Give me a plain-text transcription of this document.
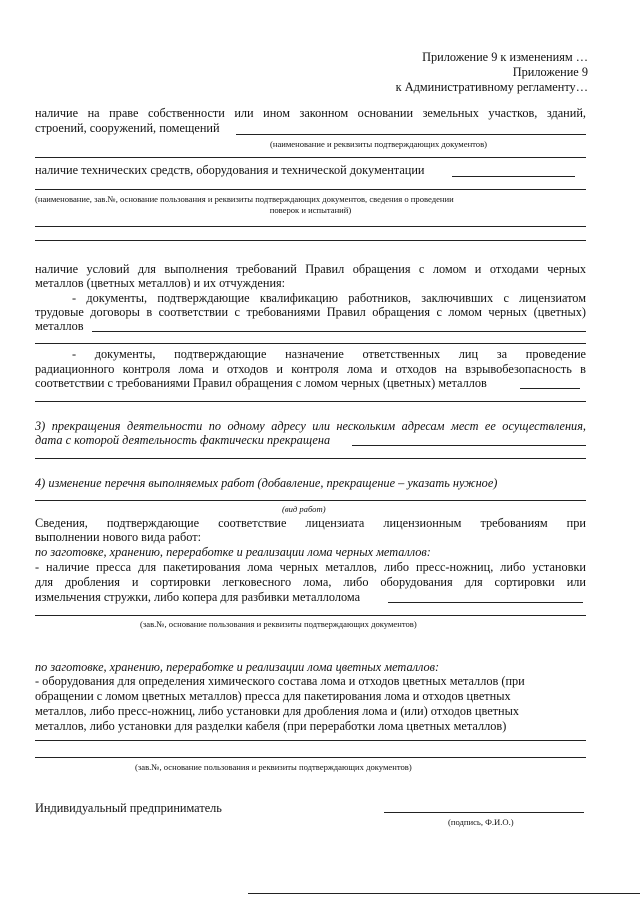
Приложение 9 к изменениям …
Приложение 9
к Административному регламенту…
наличие на праве собственности или ином законном основании земельных участков, зданий,
строений, сооружений, помещений
(наименование и реквизиты подтверждающих документов)
наличие технических средств, оборудования и технической документации
(наименование, зав.№, основание пользования и реквизиты подтверждающих документов, сведения о проведении
поверок и испытаний)
наличие условий для выполнения требований Правил обращения с ломом и отходами черных
металлов (цветных металлов) и их отчуждения:
- документы, подтверждающие квалификацию работников, заключивших с лицензиатом
трудовые договоры в соответствии с требованиями Правил обращения с ломом черных (цветных)
металлов
- документы, подтверждающие назначение ответственных лиц за проведение
радиационного контроля лома и отходов и контроля лома и отходов на взрывобезопасность в
соответствии с требованиями Правил обращения с ломом черных (цветных) металлов
3) прекращения деятельности по одному адресу или нескольким адресам мест ее осуществления,
дата с которой деятельность фактически прекращена
4) изменение перечня выполняемых работ (добавление, прекращение – указать нужное)
(вид работ)
Сведения, подтверждающие соответствие лицензиата лицензионным требованиям при
выполнении нового вида работ:
по заготовке, хранению, переработке и реализации лома черных металлов:
- наличие пресса для пакетирования лома черных металлов, либо пресс-ножниц, либо установки
для дробления и сортировки легковесного лома, либо оборудования для сортировки или
измельчения стружки, либо копера для разбивки металлолома
(зав.№, основание пользования и реквизиты подтверждающих документов)
по заготовке, хранению, переработке и реализации лома цветных металлов:
- оборудования для определения химического состава лома и отходов цветных металлов (при
обращении с ломом цветных металлов) пресса для пакетирования лома и отходов цветных
металлов, либо пресс-ножниц, либо установки для дробления лома и (или) отходов цветных
металлов, либо установки для разделки кабеля (при переработки лома цветных металлов)
(зав.№, основание пользования и реквизиты подтверждающих документов)
Индивидуальный предприниматель
(подпись, Ф.И.О.)
